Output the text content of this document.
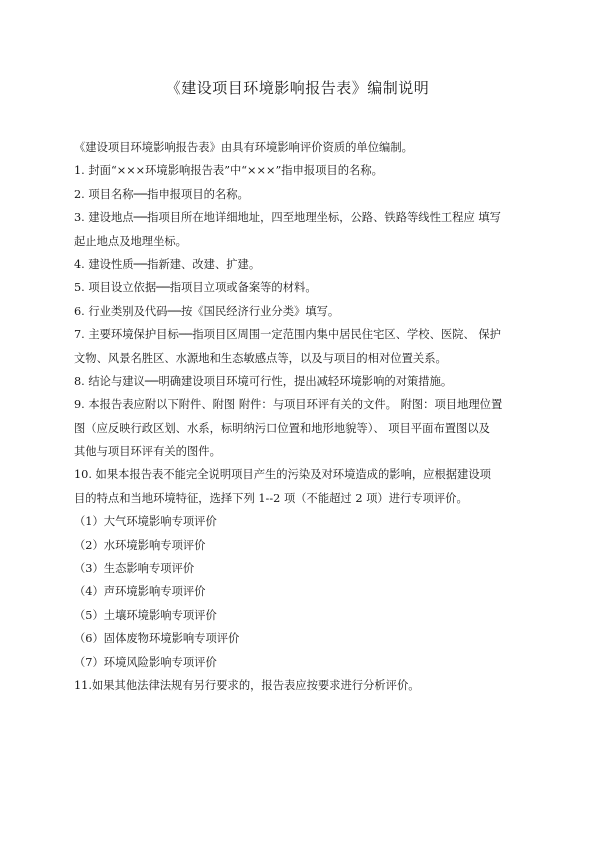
《建设项目环境影响报告表》编制说明
《建设项目环境影响报告表》由具有环境影响评价资质的单位编制。
1. 封面“×××环境影响报告表”中“×××”指申报项目的名称。
2. 项目名称──指申报项目的名称。
3. 建设地点──指项目所在地详细地址，四至地理坐标，公路、铁路等线性工程应 填写
起止地点及地理坐标。
4. 建设性质──指新建、改建、扩建。
5. 项目设立依据──指项目立项或备案等的材料。
6. 行业类别及代码──按《国民经济行业分类》填写。
7. 主要环境保护目标──指项目区周围一定范围内集中居民住宅区、学校、医院、 保护
文物、风景名胜区、水源地和生态敏感点等，以及与项目的相对位置关系。
8. 结论与建议──明确建设项目环境可行性，提出减轻环境影响的对策措施。
9. 本报告表应附以下附件、附图 附件：与项目环评有关的文件。 附图：项目地理位置
图（应反映行政区划、水系，标明纳污口位置和地形地貌等）、 项目平面布置图以及
其他与项目环评有关的图件。
10. 如果本报告表不能完全说明项目产生的污染及对环境造成的影响，应根据建设项
目的特点和当地环境特征，选择下列 1--2 项（不能超过 2 项）进行专项评价。
（1）大气环境影响专项评价
（2）水环境影响专项评价
（3）生态影响专项评价
（4）声环境影响专项评价
（5）土壤环境影响专项评价
（6）固体废物环境影响专项评价
（7）环境风险影响专项评价
11.如果其他法律法规有另行要求的，报告表应按要求进行分析评价。
